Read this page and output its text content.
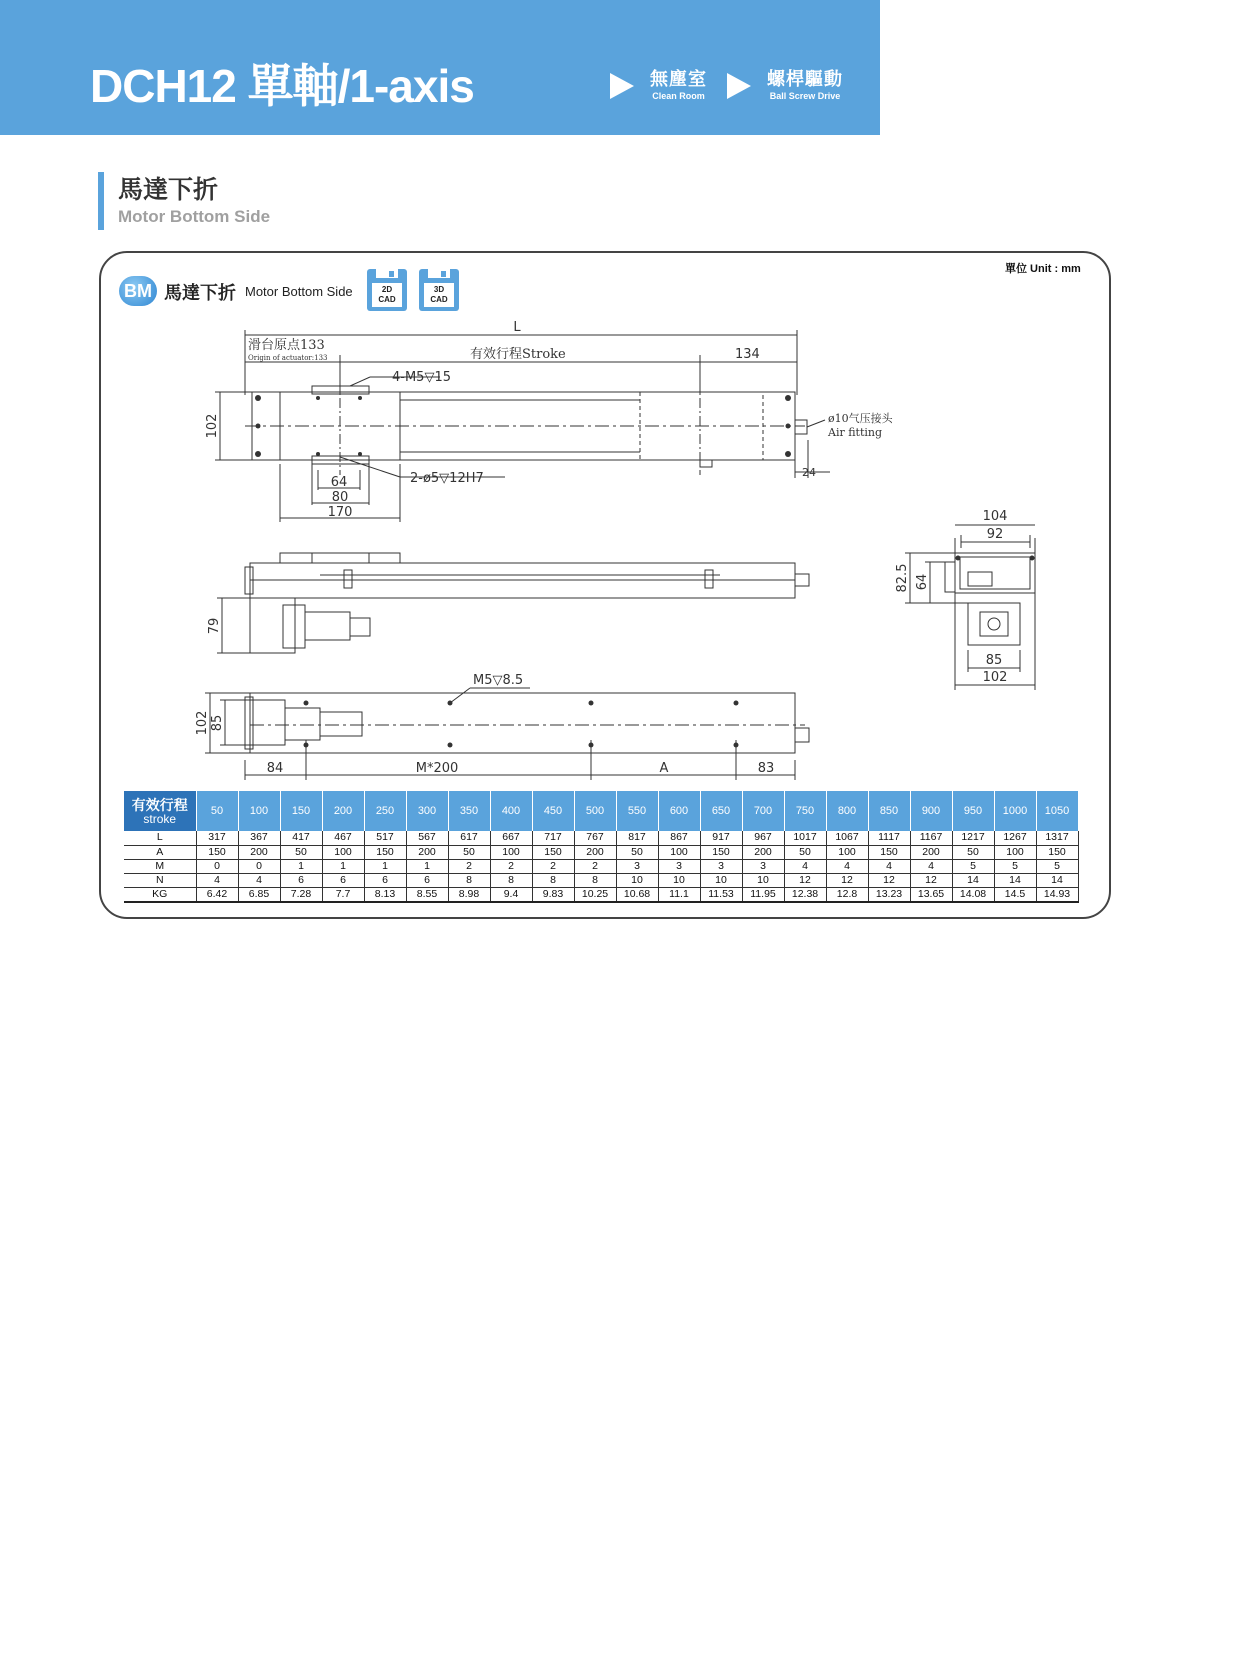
DCH12 單軸/1-axis	無塵室
Clean Room
螺桿驅動
Ball Screw Drive
馬達下折
Motor Bottom Side
單位 Unit : mm
BM 馬達下折 Motor Bottom Side	2D
CAD
3D
CAD
L
滑台原点133
Origin of actuator:133	有效行程Stroke	134
4-M5▽15
102	ø10气压接头
Air fitting
24
2-ø5▽12H7
64
80
170
79
104
92
82.5 64
85
102
M5▽8.5
102 85
84	M*200	A	83
有效行程
stroke	50	100	150	200	250	300	350	400	450	500	550	600	650	700	750	800	850	900	950	1000	1050
L	317	367	417	467	517	567	617	667	717	767	817	867	917	967	1017	1067	1117	1167	1217	1267	1317
A	150	200	50	100	150	200	50	100	150	200	50	100	150	200	50	100	150	200	50	100	150
M	0	0	1	1	1	1	2	2	2	2	3	3	3	3	4	4	4	4	5	5	5
N	4	4	6	6	6	6	8	8	8	8	10	10	10	10	12	12	12	12	14	14	14
KG	6.42	6.85	7.28	7.7	8.13	8.55	8.98	9.4	9.83	10.25	10.68	11.1	11.53	11.95	12.38	12.8	13.23	13.65	14.08	14.5	14.93
